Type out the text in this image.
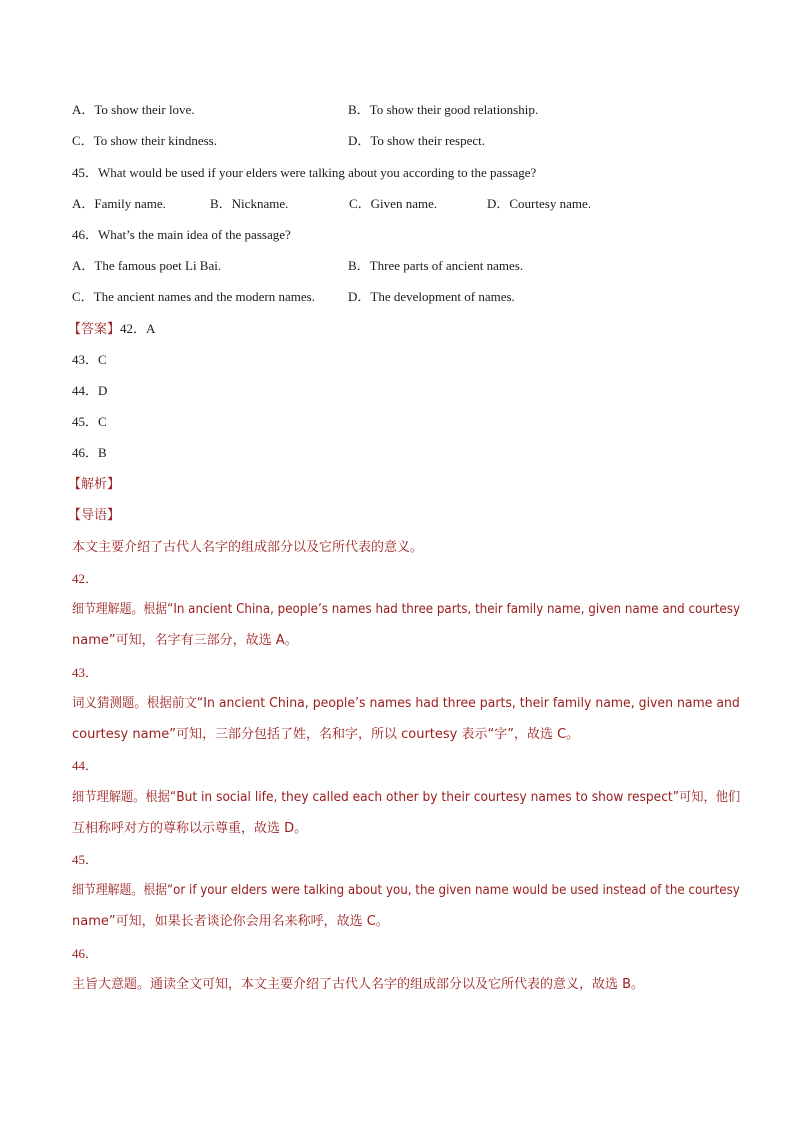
A．To show their love.	B．To show their good relationship.
C．To show their kindness.	D．To show their respect.
45．What would be used if your elders were talking about you according to the passage?
A．Family name.	B．Nickname.	C．Given name.	D．Courtesy name.
46．What’s the main idea of the passage?
A．The famous poet Li Bai.	B．Three parts of ancient names.
C．The ancient names and the modern names.	D．The development of names.
【答案】42．A
43．C
44．D
45．C
46．B
【解析】
【导语】
本文主要介绍了古代人名字的组成部分以及它所代表的意义。
42．
细节理解题。根据“In ancient China, people’s names had three parts, their family name, given name and courtesy
name”可知，名字有三部分，故选 A。
43．
词义猜测题。根据前文“In ancient China, people’s names had three parts, their family name, given name and
courtesy name”可知，三部分包括了姓，名和字，所以 courtesy 表示“字”，故选 C。
44．
细节理解题。根据“But in social life, they called each other by their courtesy names to show respect”可知，他们
互相称呼对方的尊称以示尊重，故选 D。
45．
细节理解题。根据“or if your elders were talking about you, the given name would be used instead of the courtesy
name”可知，如果长者谈论你会用名来称呼，故选 C。
46．
主旨大意题。通读全文可知，本文主要介绍了古代人名字的组成部分以及它所代表的意义，故选 B。
